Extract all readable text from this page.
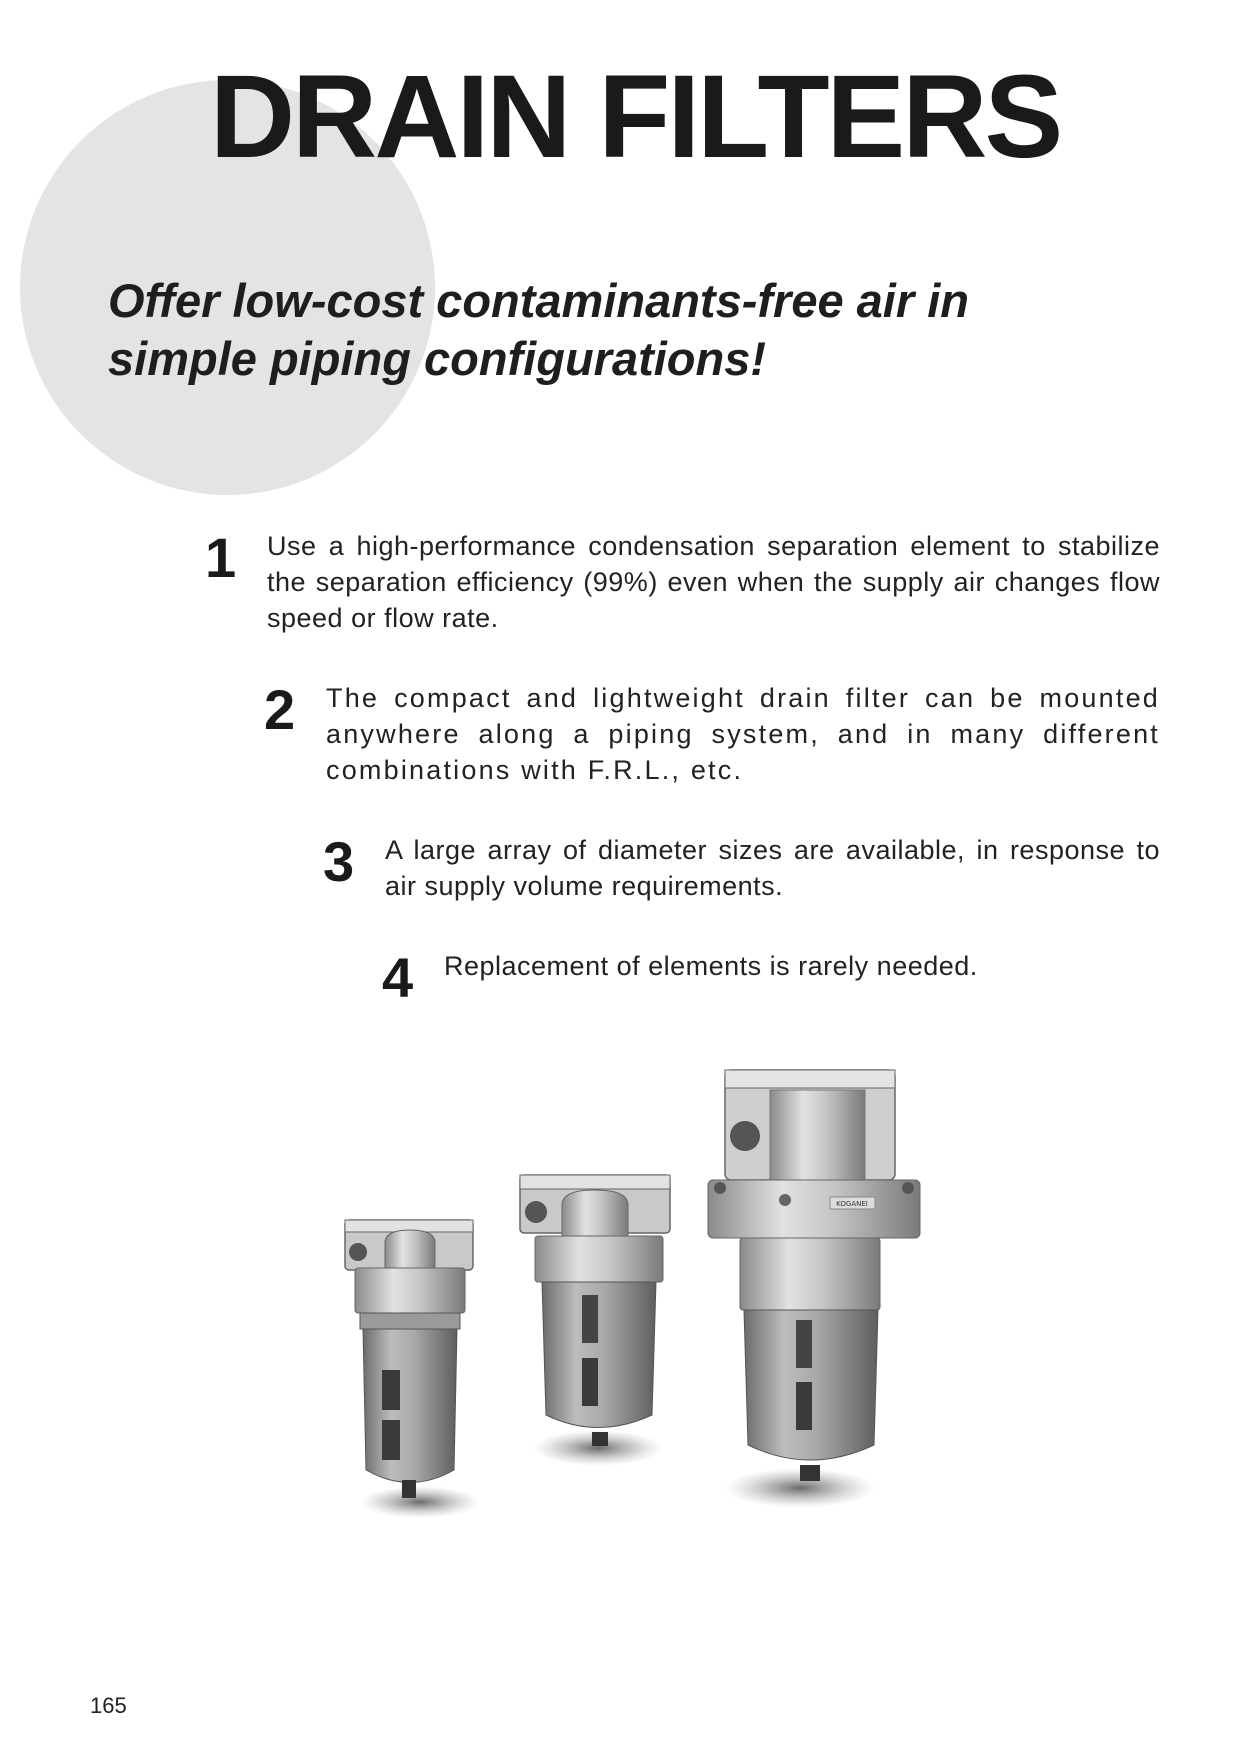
DRAIN FILTERS
Offer low-cost contaminants-free air in
simple piping configurations!
1	Use a high-performance condensation separation element to stabilize the separation efficiency (99%) even when the supply air changes flow speed or flow rate.
2	The compact and lightweight drain filter can be mounted anywhere along a piping system, and in many different combinations with F.R.L., etc.
3	A large array of diameter sizes are available, in response to air supply volume requirements.
4	Replacement of elements is rarely needed.
KOGANEI
165
